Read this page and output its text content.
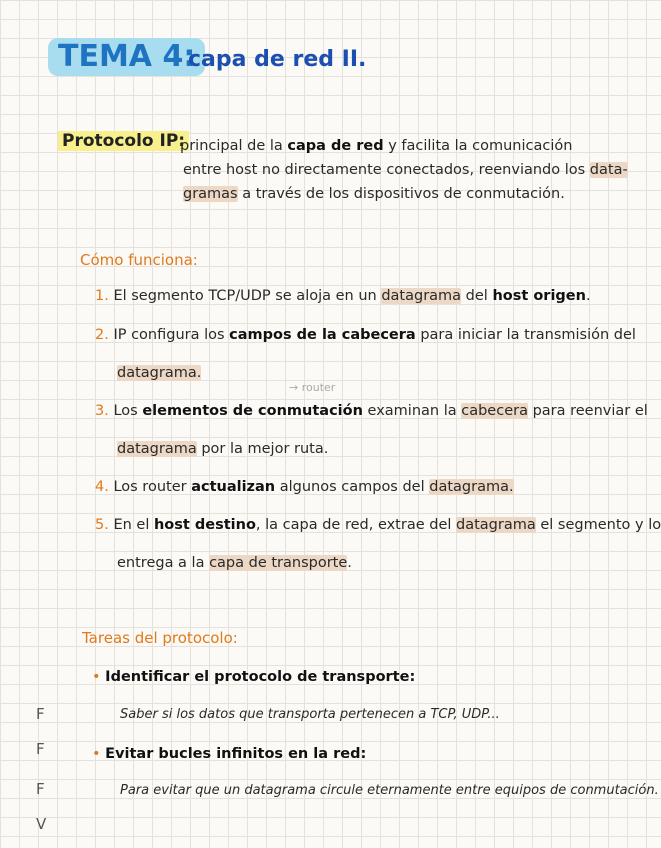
TEMA 4:
capa de red II.
Protocolo IP:
principal de la capa de red y facilita la comunicación
entre host no directamente conectados, reenviando los data-
gramas a través de los dispositivos de conmutación.
Cómo funciona:
1. El segmento TCP/UDP se aloja en un datagrama del host origen.
2. IP configura los campos de la cabecera para iniciar la transmisión del
datagrama.
→ router
3. Los elementos de conmutación examinan la cabecera para reenviar el
datagrama por la mejor ruta.
4. Los router actualizan algunos campos del datagrama.
5. En el host destino, la capa de red, extrae del datagrama el segmento y lo
entrega a la capa de transporte.
Tareas del protocolo:
• Identificar el protocolo de transporte:
Saber si los datos que transporta pertenecen a TCP, UDP...
• Evitar bucles infinitos en la red:
Para evitar que un datagrama circule eternamente entre equipos de conmutación.
F
F
F
V
